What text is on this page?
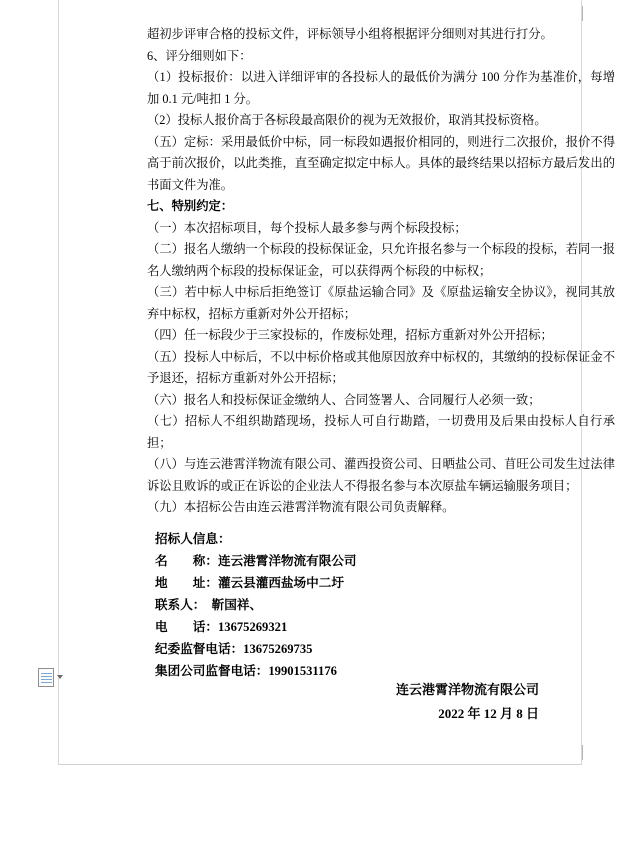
超初步评审合格的投标文件，评标领导小组将根据评分细则对其进行打分。

6、评分细则如下：

（1）投标报价：以进入详细评审的各投标人的最低价为满分 100 分作为基准价，每增加 0.1 元/吨扣 1 分。

（2）投标人报价高于各标段最高限价的视为无效报价，取消其投标资格。

（五）定标：采用最低价中标，同一标段如遇报价相同的，则进行二次报价，报价不得高于前次报价，以此类推，直至确定拟定中标人。具体的最终结果以招标方最后发出的书面文件为准。

七、特别约定：

（一）本次招标项目，每个投标人最多参与两个标段投标；

（二）报名人缴纳一个标段的投标保证金，只允许报名参与一个标段的投标，若同一报名人缴纳两个标段的投标保证金，可以获得两个标段的中标权；

（三）若中标人中标后拒绝签订《原盐运输合同》及《原盐运输安全协议》，视同其放弃中标权，招标方重新对外公开招标；

（四）任一标段少于三家投标的，作废标处理，招标方重新对外公开招标；

（五）投标人中标后，不以中标价格或其他原因放弃中标权的，其缴纳的投标保证金不予退还，招标方重新对外公开招标；

（六）报名人和投标保证金缴纳人、合同签署人、合同履行人必须一致；

（七）招标人不组织勘踏现场，投标人可自行勘踏，一切费用及后果由投标人自行承担；

（八）与连云港霄洋物流有限公司、灌西投资公司、日晒盐公司、苜旺公司发生过法律诉讼且败诉的或正在诉讼的企业法人不得报名参与本次原盐车辆运输服务项目；

（九）本招标公告由连云港霄洋物流有限公司负责解释。

招标人信息：
名　　称：连云港霄洋物流有限公司
地　　址：灌云县灌西盐场中二圩
联系人：  靳国祥、
电　　话：13675269321
纪委监督电话：13675269735
集团公司监督电话：19901531176
连云港霄洋物流有限公司
2022 年 12 月 8 日
